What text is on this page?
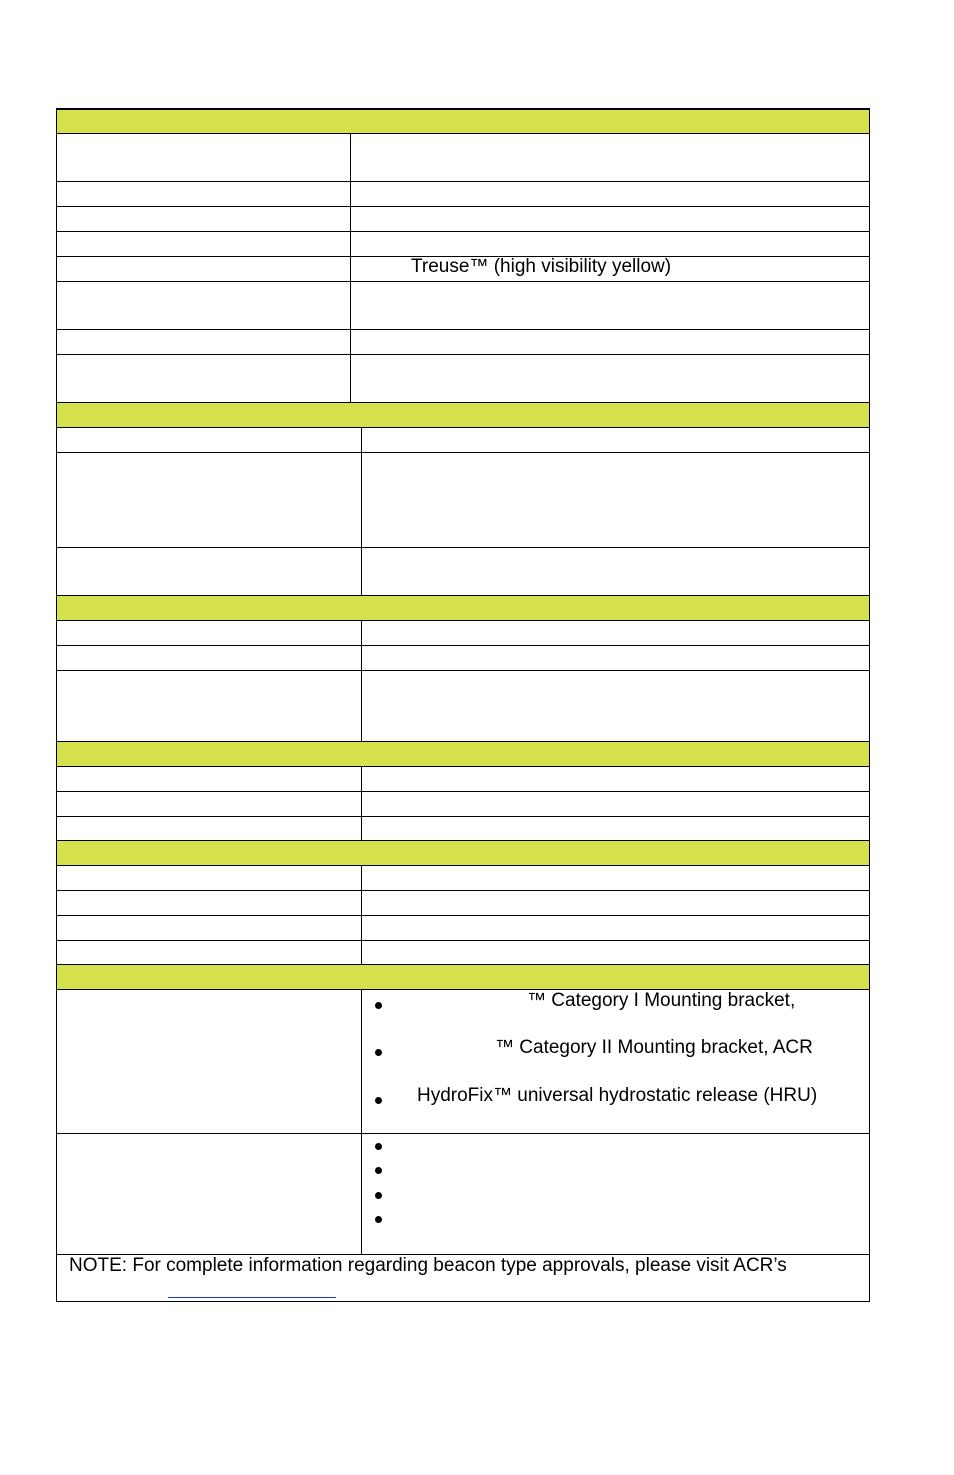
Treuse™ (high visibility yellow)
™ Category I Mounting bracket,
™ Category II Mounting bracket, ACR
HydroFix™ universal hydrostatic release (HRU)
NOTE: For complete information regarding beacon type approvals, please visit ACR’s
